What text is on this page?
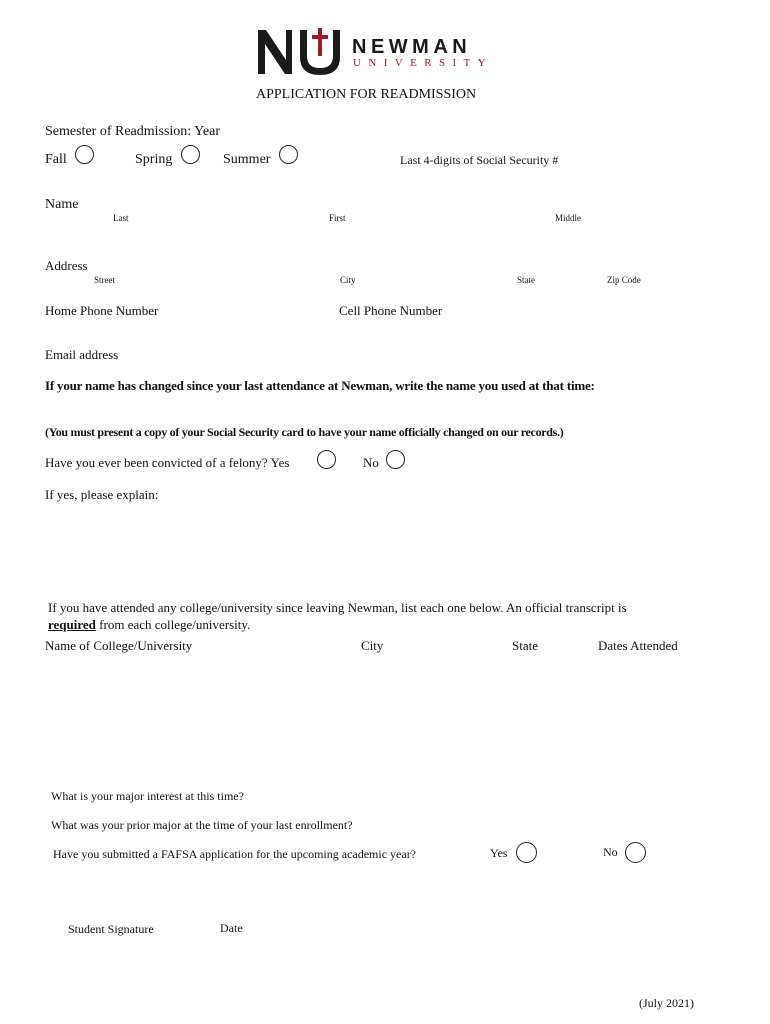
NEWMAN
UNIVERSITY
APPLICATION FOR READMISSION
Semester of Readmission: Year
Fall	Spring	Summer	Last 4-digits of Social Security #
Name
Last	First	Middle
Address
Street	City	State	Zip Code
Home Phone Number	Cell Phone Number
Email address
If your name has changed since your last attendance at Newman, write the name you used at that time:
(You must present a copy of your Social Security card to have your name officially changed on our records.)
Have you ever been convicted of a felony? Yes	No
If yes, please explain:
If you have attended any college/university since leaving Newman, list each one below. An official transcript is
required from each college/university.
Name of College/University	City	State	Dates Attended
What is your major interest at this time?
What was your prior major at the time of your last enrollment?
Have you submitted a FAFSA application for the upcoming academic year?	Yes	No
Student Signature	Date
(July 2021)
